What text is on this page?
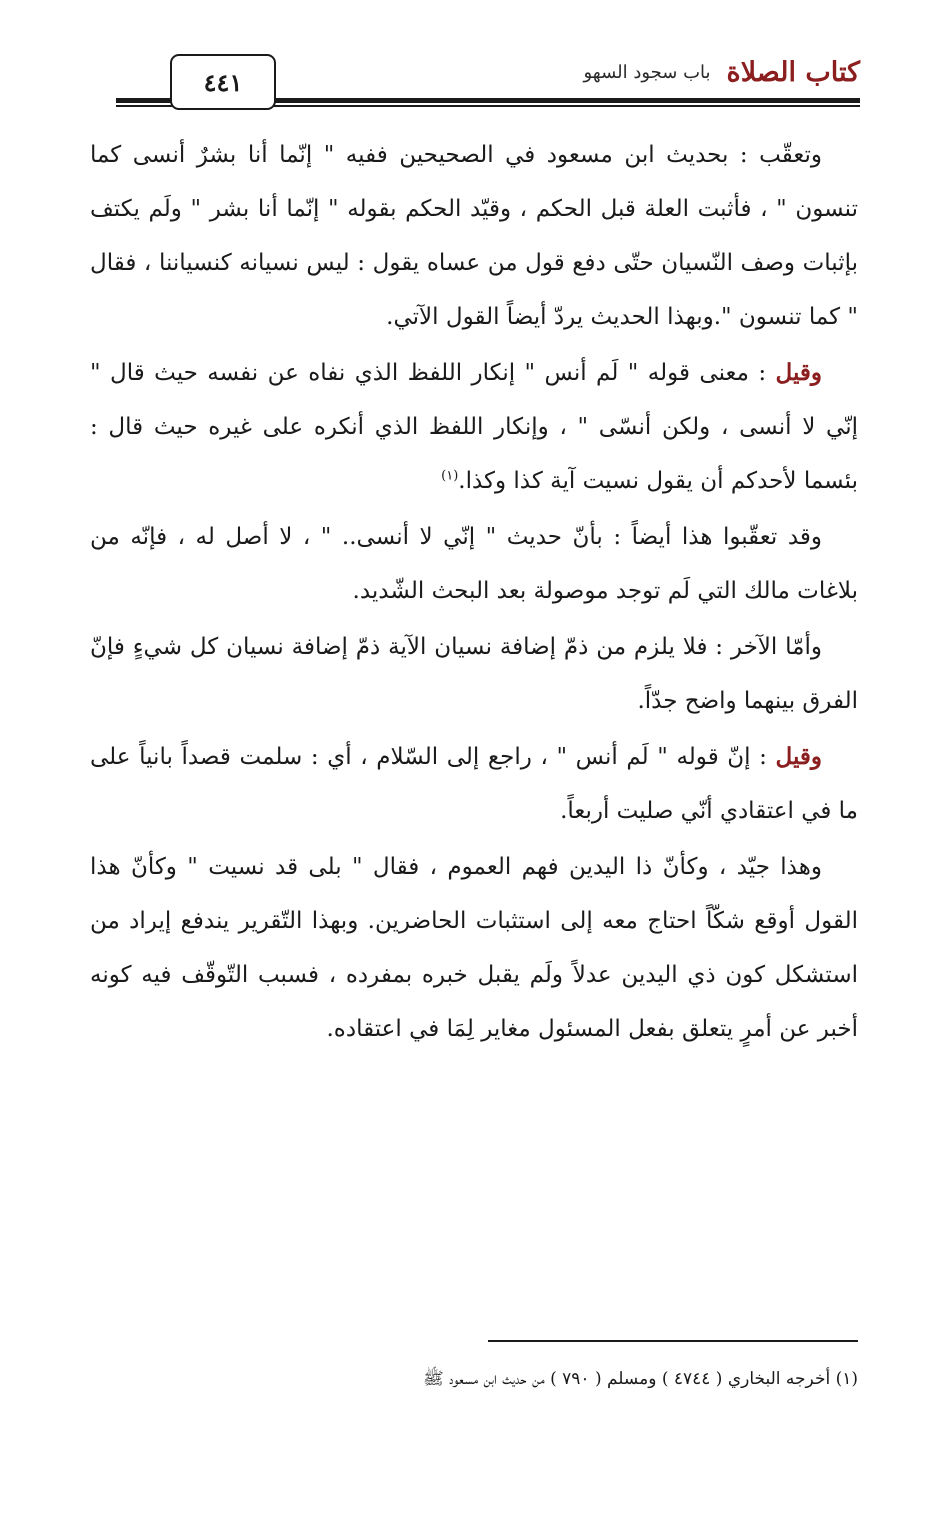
٤٤١	كتاب الصلاة
باب سجود السهو

وتعقّب : بحديث ابن مسعود في الصحيحين ففيه " إنّما أنا بشرٌ أنسى كما تنسون " ، فأثبت العلة قبل الحكم ، وقيّد الحكم بقوله " إنّما أنا بشر " ولَم يكتف بإثبات وصف النّسيان حتّى دفع قول من عساه يقول : ليس نسيانه كنسياننا ، فقال " كما تنسون ".وبهذا الحديث يردّ أيضاً القول الآتي.

وقيل : معنى قوله " لَم أنس " إنكار اللفظ الذي نفاه عن نفسه حيث قال " إنّي لا أنسى ، ولكن أنسّى " ، وإنكار اللفظ الذي أنكره على غيره حيث قال : بئسما لأحدكم أن يقول نسيت آية كذا وكذا.$^{(١)}$

وقد تعقّبوا هذا أيضاً : بأنّ حديث " إنّي لا أنسى.. " ، لا أصل له ، فإنّه من بلاغات مالك التي لَم توجد موصولة بعد البحث الشّديد.

وأمّا الآخر : فلا يلزم من ذمّ إضافة نسيان الآية ذمّ إضافة نسيان كل شيءٍ فإنّ الفرق بينهما واضح جدّاً.

وقيل : إنّ قوله " لَم أنس " ، راجع إلى السّلام ، أي : سلمت قصداً بانياً على ما في اعتقادي أنّي صليت أربعاً.

وهذا جيّد ، وكأنّ ذا اليدين فهم العموم ، فقال " بلى قد نسيت " وكأنّ هذا القول أوقع شكّاً احتاج معه إلى استثبات الحاضرين. وبهذا التّقرير يندفع إيراد من استشكل كون ذي اليدين عدلاً ولَم يقبل خبره بمفرده ، فسبب التّوقّف فيه كونه أخبر عن أمرٍ يتعلق بفعل المسئول مغاير لِمَا في اعتقاده.

(١) أخرجه البخاري ( ٤٧٤٤ ) ومسلم ( ٧٩٠ ) من حديث ابن مسعود ﷺ
